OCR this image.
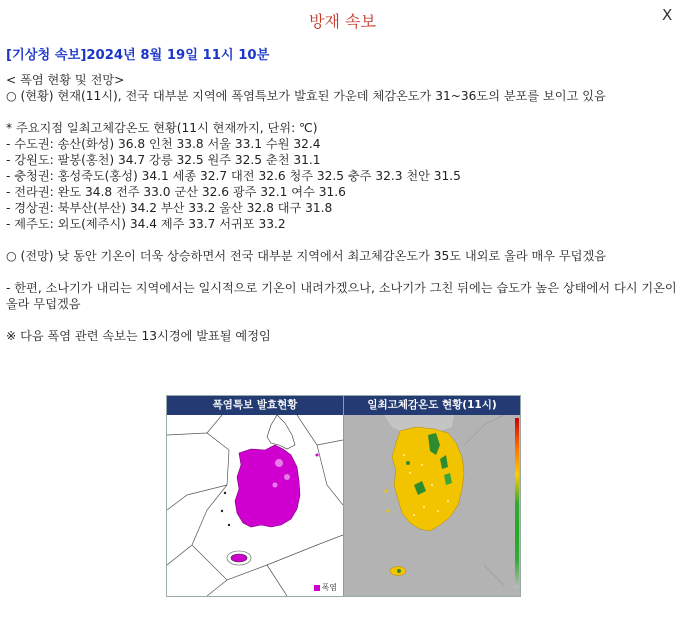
방재 속보	X
[기상청 속보]2024년 8월 19일 11시 10분
< 폭염 현황 및 전망>
○ (현황) 현재(11시), 전국 대부분 지역에 폭염특보가 발효된 가운데 체감온도가 31~36도의 분포를 보이고 있음
* 주요지점 일최고체감온도 현황(11시 현재까지, 단위: ℃)
- 수도권: 송산(화성) 36.8 인천 33.8 서울 33.1 수원 32.4
- 강원도: 팔봉(홍천) 34.7 강릉 32.5 원주 32.5 춘천 31.1
- 충청권: 홍성죽도(홍성) 34.1 세종 32.7 대전 32.6 청주 32.5 충주 32.3 천안 31.5
- 전라권: 완도 34.8 전주 33.0 군산 32.6 광주 32.1 여수 31.6
- 경상권: 북부산(부산) 34.2 부산 33.2 울산 32.8 대구 31.8
- 제주도: 외도(제주시) 34.4 제주 33.7 서귀포 33.2
○ (전망) 낮 동안 기온이 더욱 상승하면서 전국 대부분 지역에서 최고체감온도가 35도 내외로 올라 매우 무덥겠음
- 한편, 소나기가 내리는 지역에서는 일시적으로 기온이 내려가겠으나, 소나기가 그친 뒤에는 습도가 높은 상태에서 다시 기온이 올라 무덥겠음
※ 다음 폭염 관련 속보는 13시경에 발표될 예정임
폭염특보 발효현황
폭염
일최고체감온도 현황(11시)
